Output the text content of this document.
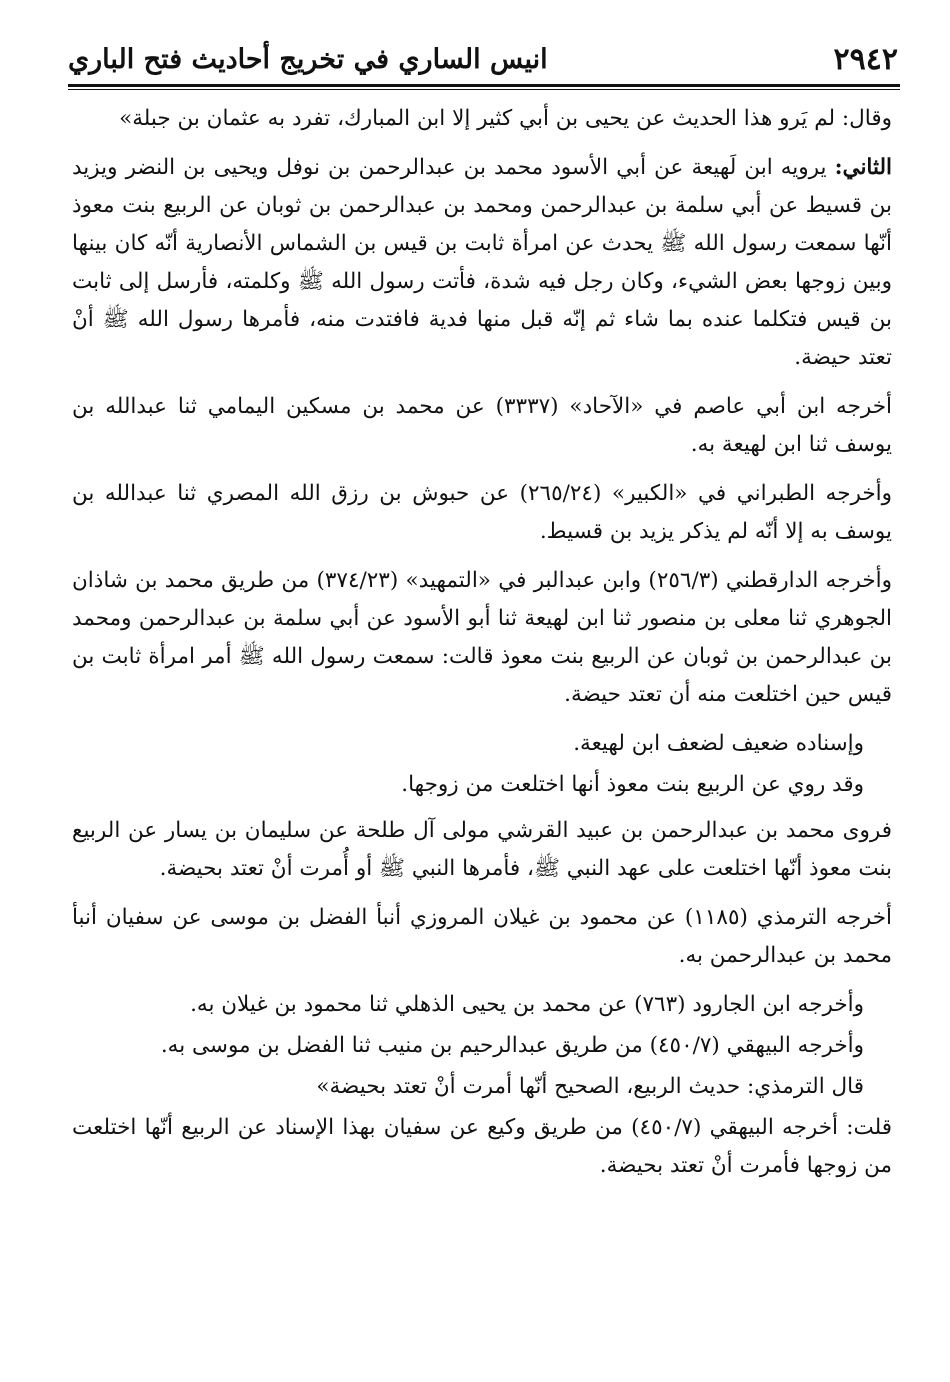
٢٩٤٢
انيس الساري في تخريج أحاديث فتح الباري

وقال: لم يَرو هذا الحديث عن يحيى بن أبي كثير إلا ابن المبارك، تفرد به عثمان بن جبلة»

الثاني: يرويه ابن لَهيعة عن أبي الأسود محمد بن عبدالرحمن بن نوفل ويحيى بن النضر ويزيد بن قسيط عن أبي سلمة بن عبدالرحمن ومحمد بن عبدالرحمن بن ثوبان عن الربيع بنت معوذ أنّها سمعت رسول الله ﷺ يحدث عن امرأة ثابت بن قيس بن الشماس الأنصارية أنّه كان بينها وبين زوجها بعض الشيء، وكان رجل فيه شدة، فأتت رسول الله ﷺ وكلمته، فأرسل إلى ثابت بن قيس فتكلما عنده بما شاء ثم إنّه قبل منها فدية فافتدت منه، فأمرها رسول الله ﷺ أنْ تعتد حيضة.

أخرجه ابن أبي عاصم في «الآحاد» (٣٣٣٧) عن محمد بن مسكين اليمامي ثنا عبدالله بن يوسف ثنا ابن لهيعة به.

وأخرجه الطبراني في «الكبير» (٢٦٥/٢٤) عن حبوش بن رزق الله المصري ثنا عبدالله بن يوسف به إلا أنّه لم يذكر يزيد بن قسيط.

وأخرجه الدارقطني (٢٥٦/٣) وابن عبدالبر في «التمهيد» (٣٧٤/٢٣) من طريق محمد بن شاذان الجوهري ثنا معلى بن منصور ثنا ابن لهيعة ثنا أبو الأسود عن أبي سلمة بن عبدالرحمن ومحمد بن عبدالرحمن بن ثوبان عن الربيع بنت معوذ قالت: سمعت رسول الله ﷺ أمر امرأة ثابت بن قيس حين اختلعت منه أن تعتد حيضة.

وإسناده ضعيف لضعف ابن لهيعة.

وقد روي عن الربيع بنت معوذ أنها اختلعت من زوجها.

فروى محمد بن عبدالرحمن بن عبيد القرشي مولى آل طلحة عن سليمان بن يسار عن الربيع بنت معوذ أنّها اختلعت على عهد النبي ﷺ، فأمرها النبي ﷺ أو أُمرت أنْ تعتد بحيضة.

أخرجه الترمذي (١١٨٥) عن محمود بن غيلان المروزي أنبأ الفضل بن موسى عن سفيان أنبأ محمد بن عبدالرحمن به.

وأخرجه ابن الجارود (٧٦٣) عن محمد بن يحيى الذهلي ثنا محمود بن غيلان به.

وأخرجه البيهقي (٤٥٠/٧) من طريق عبدالرحيم بن منيب ثنا الفضل بن موسى به.

قال الترمذي: حديث الربيع، الصحيح أنّها أمرت أنْ تعتد بحيضة»

قلت: أخرجه البيهقي (٤٥٠/٧) من طريق وكيع عن سفيان بهذا الإسناد عن الربيع أنّها اختلعت من زوجها فأمرت أنْ تعتد بحيضة.
